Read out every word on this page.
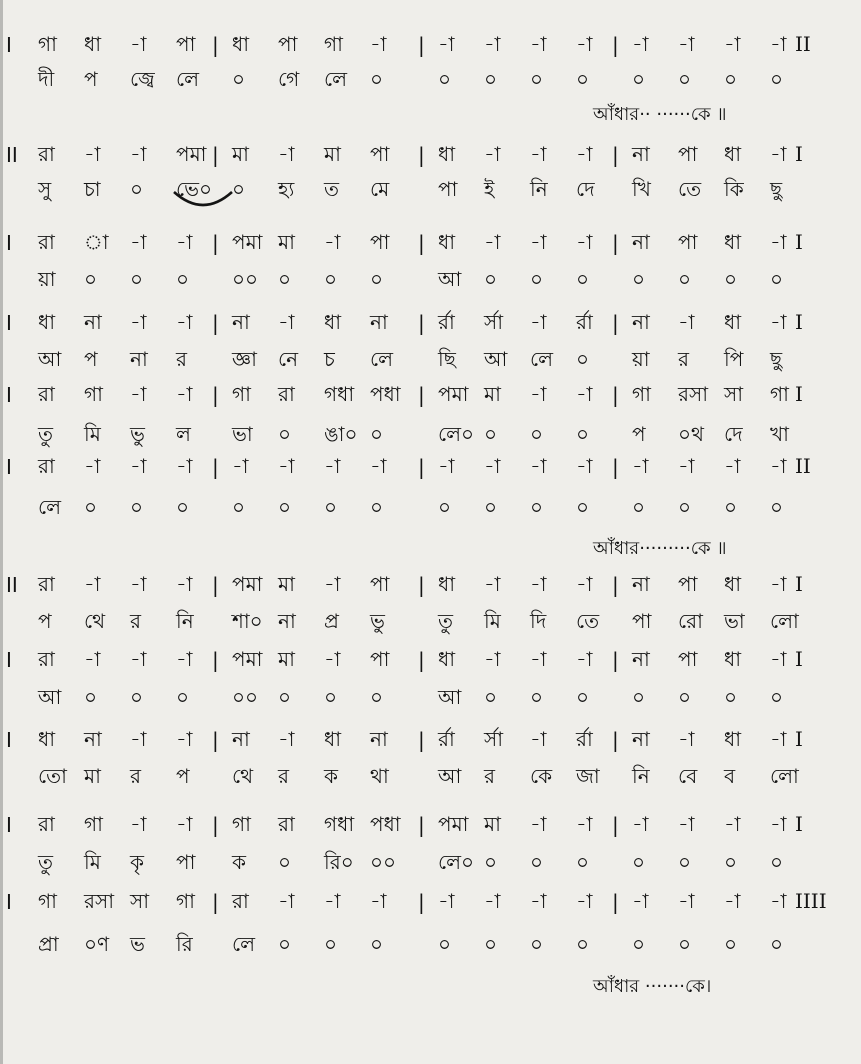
I গা ধা -া পা | ধা পা গা -া | -া -া -া -া | -া -া -া -া II
দী প জ্বে লে ০ গে লে ০	০ ০ ০ ০ ০ ০ ০ ০
আঁধার·· ······কে ॥
II রা -া -া পমা | মা -া মা পা | ধা -া -া -া | না পা ধা -া I
সু চা ০ ভে০ ০ হ্য ত মে পা ই নি দে খি তে কি ছু
I রা া -া -া | পমা মা -া পা | ধা -া -া -া | না পা ধা -া I
য়া ০ ০ ০ ০০ ০ ০ ০	আ ০ ০ ০ ০ ০ ০ ০
I ধা না -া -া | না -া ধা না | র্রা র্সা -া র্রা | না -া ধা -া I
আ প না র জ্ঞা নে চ লে ছি আ লে ০ য়া র পি ছু
I রা গা -া -া | গা রা গধা পধা | পমা মা -া -া | গা রসা সা গা I
তু মি ভু ল ভা ০ ঙা০ ০	লে০ ০ ০ ০ প ০থ দে খা
I রা -া -া -া | -া -া -া -া | -া -া -া -া | -া -া -া -া II
লে ০ ০ ০ ০ ০ ০ ০	০ ০ ০ ০ ০ ০ ০ ০
আঁধার·········কে ॥
II রা -া -া -া | পমা মা -া পা | ধা -া -া -া | না পা ধা -া I
প থে র নি শা০ না প্র ভু	তু মি দি তে পা রো ভা লো
I রা -া -া -া | পমা মা -া পা | ধা -া -া -া | না পা ধা -া I
আ ০ ০ ০ ০০ ০ ০ ০	আ ০ ০ ০ ০ ০ ০ ০
I ধা না -া -া | না -া ধা না | র্রা র্সা -া র্রা | না -া ধা -া I
তো মা র প থে র ক থা আ র কে জা নি বে ব লো
I রা গা -া -া | গা রা গধা পধা | পমা মা -া -া | -া -া -া -া I
তু মি কৃ পা ক ০ রি০ ০০ লে০ ০ ০ ০ ০ ০ ০ ০
I গা রসা সা গা | রা -া -া -া | -া -া -া -া | -া -া -া -া IIII
প্রা ০ণ ভ রি লে ০ ০ ০	০ ০ ০ ০ ০ ০ ০ ০
আঁধার ·······কে।
